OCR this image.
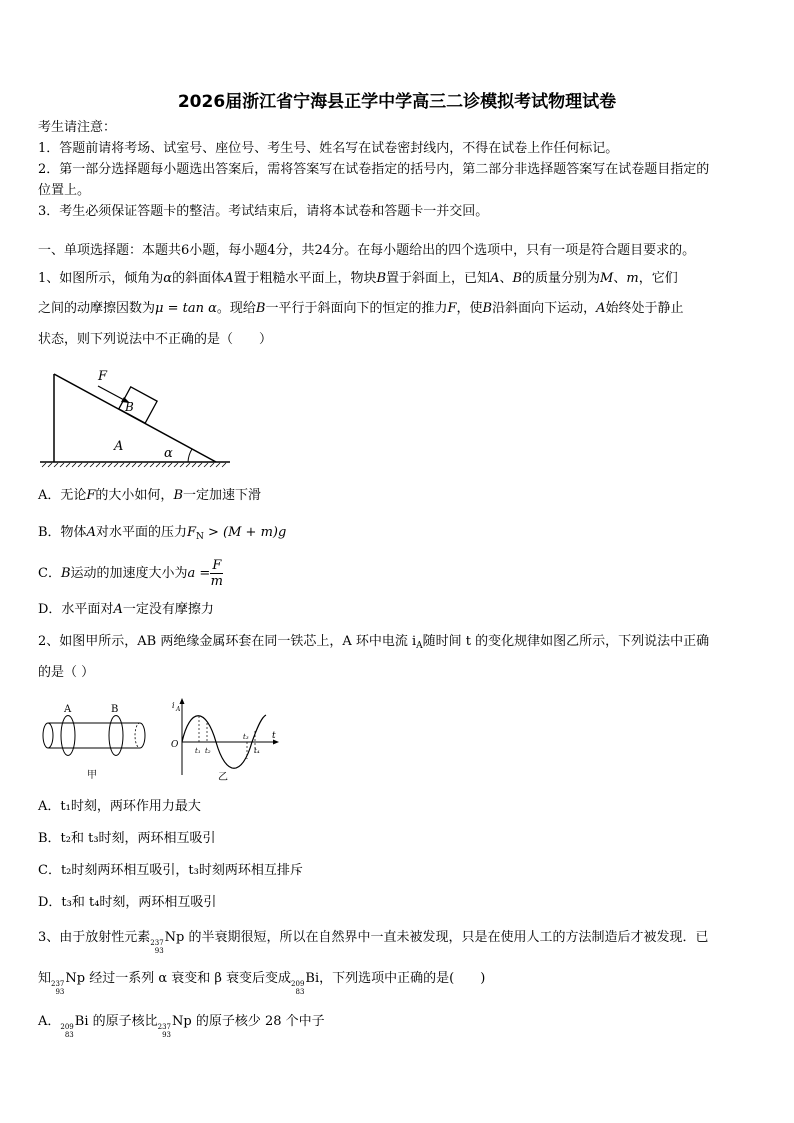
2026届浙江省宁海县正学中学高三二诊模拟考试物理试卷
考生请注意：
1．答题前请将考场、试室号、座位号、考生号、姓名写在试卷密封线内，不得在试卷上作任何标记。
2．第一部分选择题每小题选出答案后，需将答案写在试卷指定的括号内，第二部分非选择题答案写在试卷题目指定的
位置上。
3．考生必须保证答题卡的整洁。考试结束后，请将本试卷和答题卡一并交回。
一、单项选择题：本题共6小题，每小题4分，共24分。在每小题给出的四个选项中，只有一项是符合题目要求的。
1、如图所示，倾角为α的斜面体A置于粗糙水平面上，物块B置于斜面上，已知A、B的质量分别为M、m，它们
之间的动摩擦因数为μ = tan α。现给B一平行于斜面向下的恒定的推力F，使B沿斜面向下运动，A始终处于静止
状态，则下列说法中不正确的是（　　）
F
B
A	α
A．无论F的大小如何，B一定加速下滑
B．物体A对水平面的压力$F_N > (M + m)g$
C．B运动的加速度大小为$a = \frac{F}{m}$
D．水平面对A一定没有摩擦力
2、如图甲所示，AB 两绝缘金属环套在同一铁芯上，A 环中电流 $i_A$随时间 t 的变化规律如图乙所示，下列说法中正确
的是（ ）
A	B
甲
i A
O
t
t₁ t₂
t₃
t₄
乙
A．t₁时刻，两环作用力最大
B．t₂和 t₃时刻，两环相互吸引
C．t₂时刻两环相互吸引，t₃时刻两环相互排斥
D．t₃和 t₄时刻，两环相互吸引
3、由于放射性元素 237
93
Np 的半衰期很短，所以在自然界中一直未被发现，只是在使用人工的方法制造后才被发现．已
知 237
93
Np 经过一系列 α 衰变和 β 衰变后变成 209
83
Bi，下列选项中正确的是(　　)
A． 209
83
Bi 的原子核比 237
93
Np 的原子核少 28 个中子
